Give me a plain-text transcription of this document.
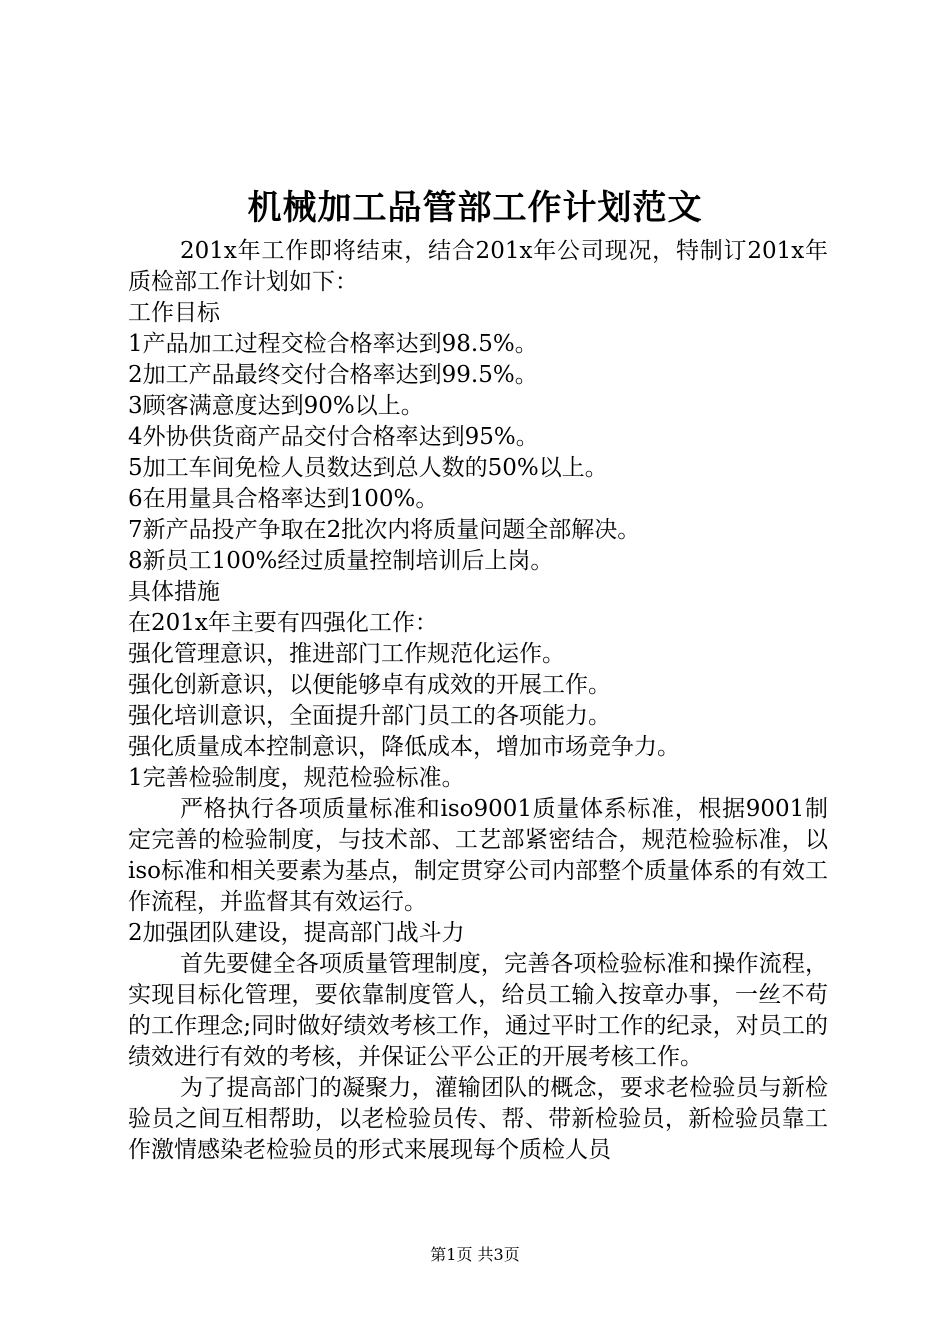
机械加工品管部工作计划范文

201x年工作即将结束，结合201x年公司现况，特制订201x年质检部工作计划如下：

工作目标

1产品加工过程交检合格率达到98.5%。

2加工产品最终交付合格率达到99.5%。

3顾客满意度达到90%以上。

4外协供货商产品交付合格率达到95%。

5加工车间免检人员数达到总人数的50%以上。

6在用量具合格率达到100%。

7新产品投产争取在2批次内将质量问题全部解决。

8新员工100%经过质量控制培训后上岗。

具体措施

在201x年主要有四强化工作：

强化管理意识，推进部门工作规范化运作。

强化创新意识，以便能够卓有成效的开展工作。

强化培训意识，全面提升部门员工的各项能力。

强化质量成本控制意识，降低成本，增加市场竞争力。

1完善检验制度，规范检验标准。

严格执行各项质量标准和iso9001质量体系标准，根据9001制定完善的检验制度，与技术部、工艺部紧密结合，规范检验标准，以iso标准和相关要素为基点，制定贯穿公司内部整个质量体系的有效工作流程，并监督其有效运行。

2加强团队建设，提高部门战斗力

首先要健全各项质量管理制度，完善各项检验标准和操作流程，实现目标化管理，要依靠制度管人，给员工输入按章办事，一丝不苟的工作理念;同时做好绩效考核工作，通过平时工作的纪录，对员工的绩效进行有效的考核，并保证公平公正的开展考核工作。

为了提高部门的凝聚力，灌输团队的概念，要求老检验员与新检验员之间互相帮助，以老检验员传、帮、带新检验员，新检验员靠工作激情感染老检验员的形式来展现每个质检人员

第1页 共3页
